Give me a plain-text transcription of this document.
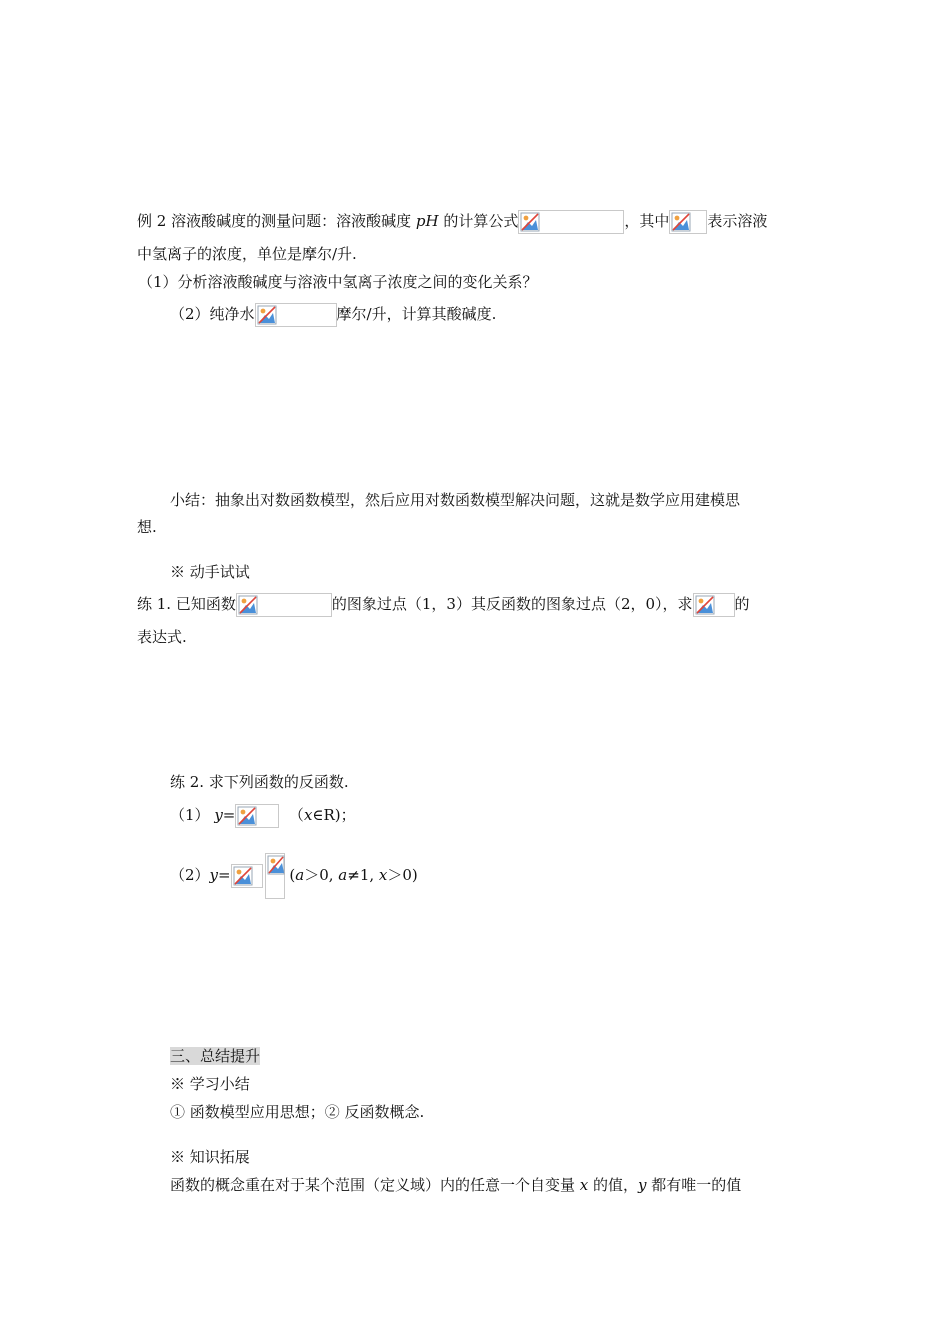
例 2 溶液酸碱度的测量问题：溶液酸碱度 pH 的计算公式	，其中	表示溶液
中氢离子的浓度，单位是摩尔/升.
（1）分析溶液酸碱度与溶液中氢离子浓度之间的变化关系？
（2）纯净水	摩尔/升，计算其酸碱度.
小结：抽象出对数函数模型，然后应用对数函数模型解决问题，这就是数学应用建模思
想.
※ 动手试试
练 1. 已知函数	的图象过点（1，3）其反函数的图象过点（2，0），求	的
表达式.
练 2. 求下列函数的反函数.
（1） y=	（x∈R)；
（2）y=	(a＞0, a≠1, x＞0)
三、总结提升
※ 学习小结
① 函数模型应用思想；② 反函数概念.
※ 知识拓展
函数的概念重在对于某个范围（定义域）内的任意一个自变量 x 的值，y 都有唯一的值
